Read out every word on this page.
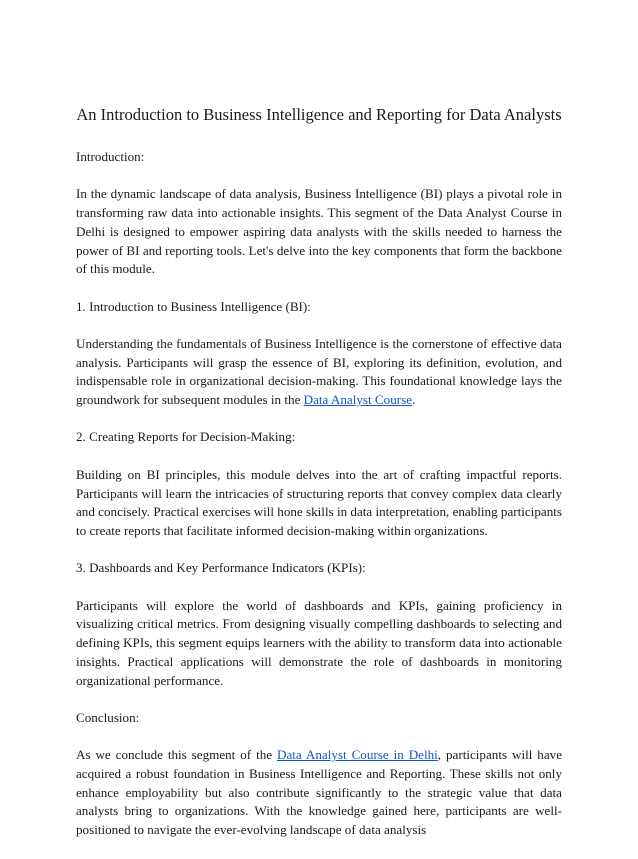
An Introduction to Business Intelligence and Reporting for Data Analysts

Introduction:

In the dynamic landscape of data analysis, Business Intelligence (BI) plays a pivotal role in transforming raw data into actionable insights. This segment of the Data Analyst Course in Delhi is designed to empower aspiring data analysts with the skills needed to harness the power of BI and reporting tools. Let's delve into the key components that form the backbone of this module.

1. Introduction to Business Intelligence (BI):

Understanding the fundamentals of Business Intelligence is the cornerstone of effective data analysis. Participants will grasp the essence of BI, exploring its definition, evolution, and indispensable role in organizational decision-making. This foundational knowledge lays the groundwork for subsequent modules in the Data Analyst Course.

2. Creating Reports for Decision-Making:

Building on BI principles, this module delves into the art of crafting impactful reports. Participants will learn the intricacies of structuring reports that convey complex data clearly and concisely. Practical exercises will hone skills in data interpretation, enabling participants to create reports that facilitate informed decision-making within organizations.

3. Dashboards and Key Performance Indicators (KPIs):

Participants will explore the world of dashboards and KPIs, gaining proficiency in visualizing critical metrics. From designing visually compelling dashboards to selecting and defining KPIs, this segment equips learners with the ability to transform data into actionable insights. Practical applications will demonstrate the role of dashboards in monitoring organizational performance.

Conclusion:

As we conclude this segment of the Data Analyst Course in Delhi, participants will have acquired a robust foundation in Business Intelligence and Reporting. These skills not only enhance employability but also contribute significantly to the strategic value that data analysts bring to organizations. With the knowledge gained here, participants are well-positioned to navigate the ever-evolving landscape of data analysis
